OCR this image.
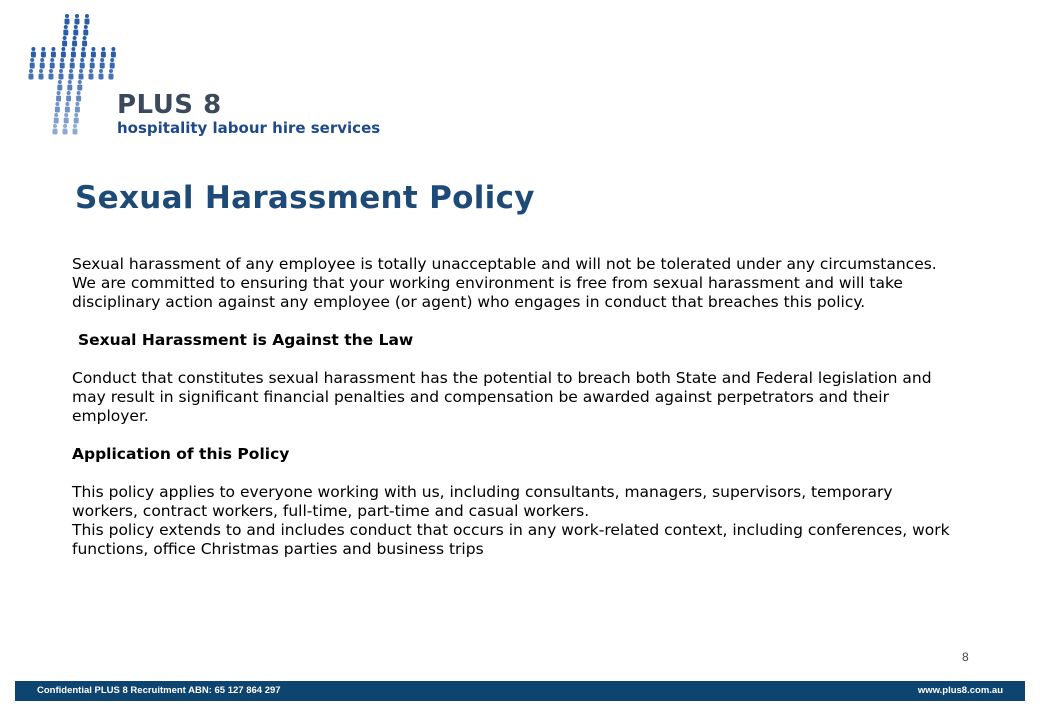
PLUS 8
hospitality labour hire services
Sexual Harassment Policy

Sexual harassment of any employee is totally unacceptable and will not be tolerated under any circumstances. We are committed to ensuring that your working environment is free from sexual harassment and will take disciplinary action against any employee (or agent) who engages in conduct that breaches this policy.

Sexual Harassment is Against the Law

Conduct that constitutes sexual harassment has the potential to breach both State and Federal legislation and may result in significant financial penalties and compensation be awarded against perpetrators and their employer.

Application of this Policy

This policy applies to everyone working with us, including consultants, managers, supervisors, temporary workers, contract workers, full-time, part-time and casual workers.

This policy extends to and includes conduct that occurs in any work-related context, including conferences, work functions, office Christmas parties and business trips

8
Confidential PLUS 8 Recruitment ABN: 65 127 864 297	www.plus8.com.au
